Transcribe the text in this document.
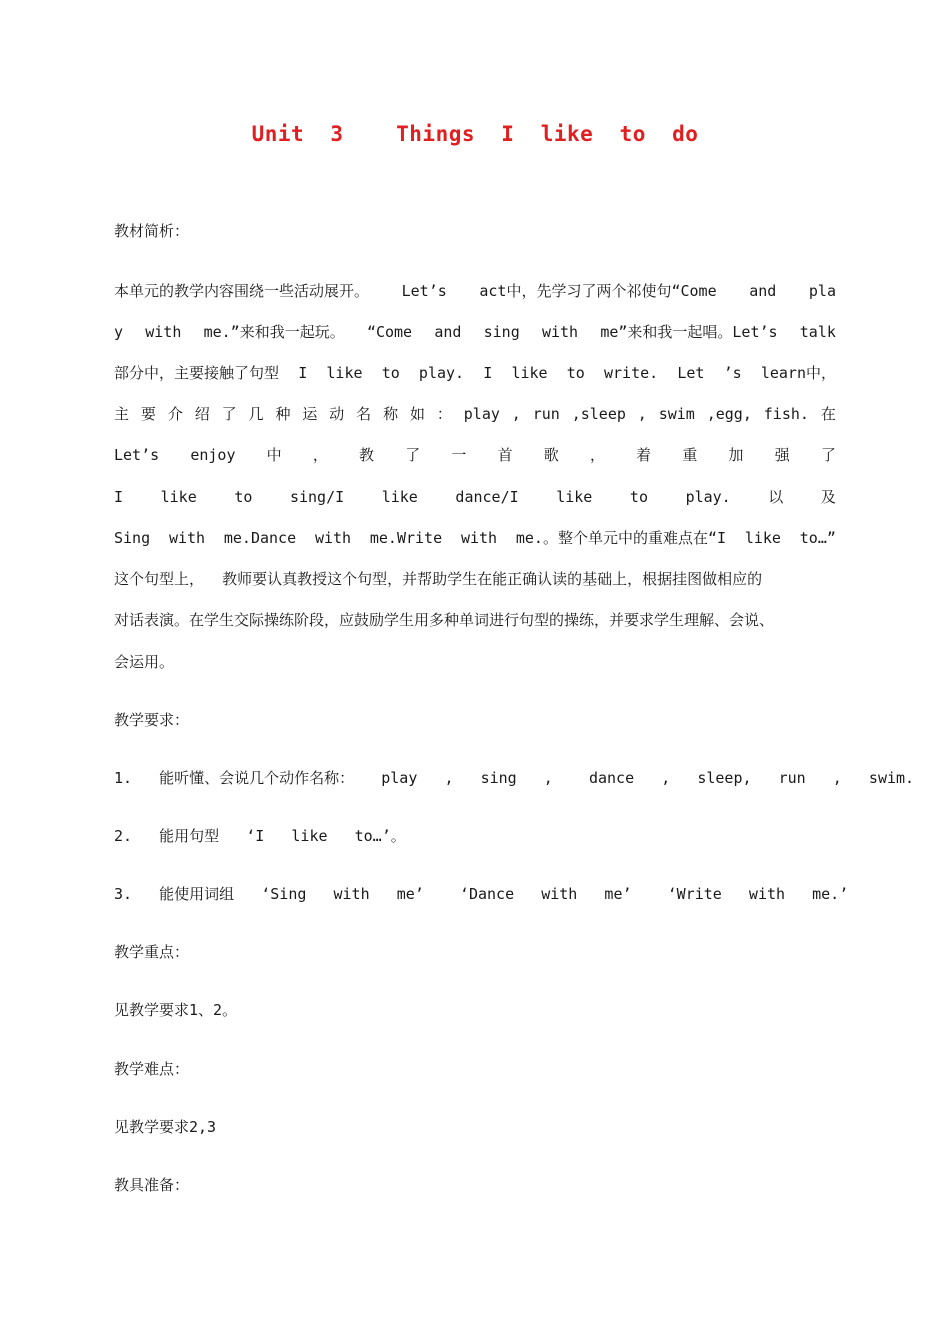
Unit  3    Things  I  like  to  do
教材简析：
本单元的教学内容围绕一些活动展开。 Let’s act中，先学习了两个祁使句“Come and pla
y with me.”来和我一起玩。 “Come and sing with me”来和我一起唱。Let’s talk
部分中，主要接触了句型 I like to play. I like to write. Let ’s learn中，
主 要 介 绍 了 几 种 运 动 名 称 如 ： play , run ,sleep , swim ,egg, fish. 在
Let’s enjoy 中 ， 教 了 一 首 歌 ， 着 重 加 强 了
I	like	to	sing/I	like	dance/I	like	to	play.	以	及
Sing with me.Dance with me.Write with me.。整个单元中的重难点在“I like to…”
这个句型上，  教师要认真教授这个句型，并帮助学生在能正确认读的基础上，根据挂图做相应的
对话表演。在学生交际操练阶段，应鼓励学生用多种单词进行句型的操练，并要求学生理解、会说、
会运用。
教学要求：
1.   能听懂、会说几个动作名称：   play   ,   sing   ,    dance   ,   sleep,   run   ,   swim.
2.   能用句型   ‘I   like   to…’。
3.   能使用词组   ‘Sing   with   me’    ‘Dance   with   me’    ‘Write   with   me.’
教学重点：
见教学要求1、2。
教学难点：
见教学要求2,3
教具准备：
